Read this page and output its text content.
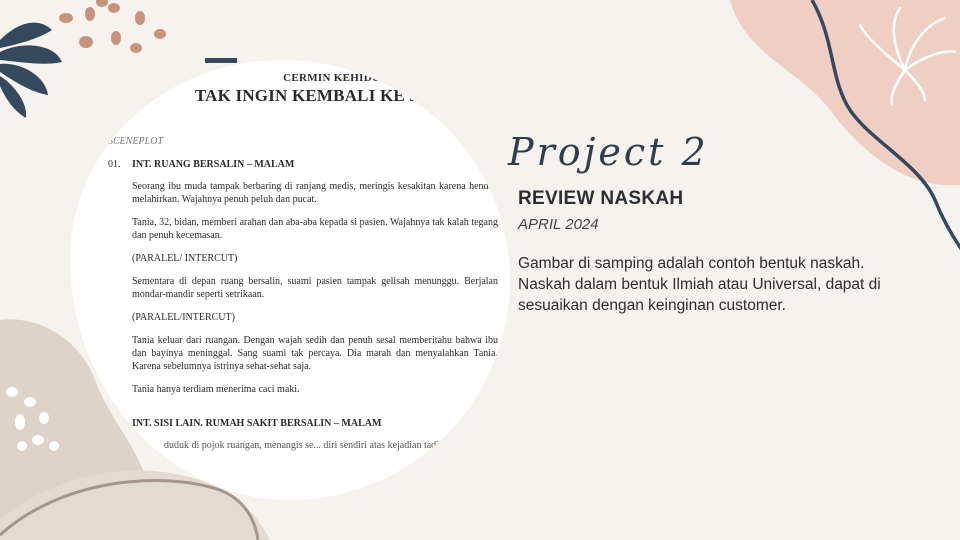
CERMIN KEHIDUPAN
TAK INGIN KEMBALI KE JAKARTA
SCENEPLOT
01.	INT. RUANG BERSALIN – MALAM

Seorang ibu muda tampak berbaring di ranjang medis, meringis kesakitan karena hendak melahirkan. Wajahnya penuh peluh dan pucat.

Tania, 32, bidan, memberi arahan dan aba-aba kepada si pasien. Wajahnya tak kalah tegang dan penuh kecemasan.

(PARALEL/ INTERCUT)

Sementara di depan ruang bersalin, suami pasien tampak gelisah menunggu. Berjalan mondar-mandir seperti setrikaan.

(PARALEL/INTERCUT)

Tania keluar dari ruangan. Dengan wajah sedih dan penuh sesal memberitahu bahwa ibu dan bayinya meninggal. Sang suami tak percaya. Dia marah dan menyalahkan Tania. Karena sebelumnya istrinya sehat-sehat saja.

Tania hanya terdiam menerima caci maki.

INT. SISI LAIN. RUMAH SAKIT BERSALIN – MALAM
duduk di pojok ruangan, menangis se... diri sendiri atas kejadian tadi
Project 2
REVIEW NASKAH
APRIL 2024
Gambar di samping adalah contoh bentuk naskah.
Naskah dalam bentuk Ilmiah atau Universal, dapat di sesuaikan dengan keinginan customer.
